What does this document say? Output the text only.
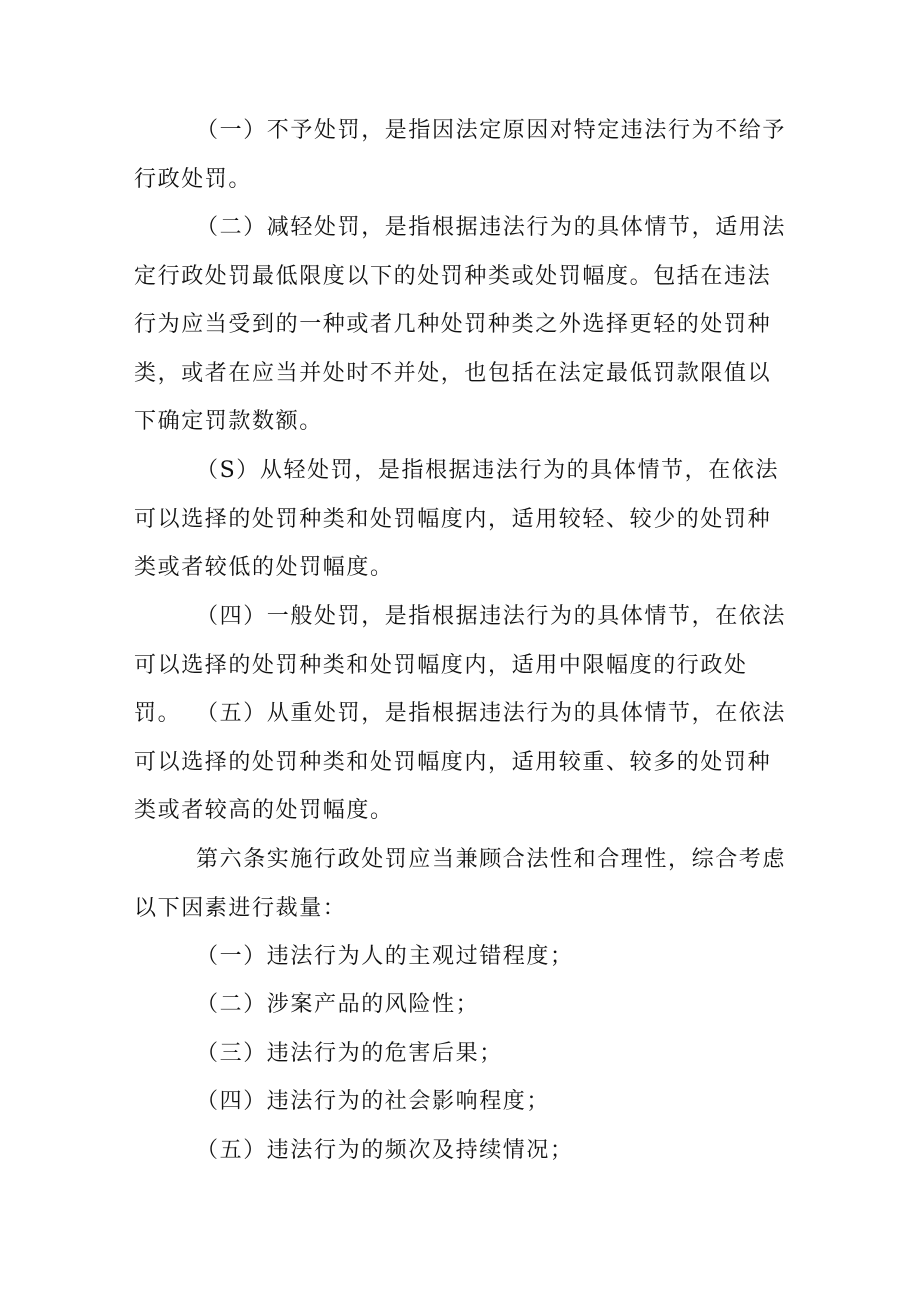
（一）不予处罚，是指因法定原因对特定违法行为不给予行政处罚。

（二）减轻处罚，是指根据违法行为的具体情节，适用法定行政处罚最低限度以下的处罚种类或处罚幅度。包括在违法行为应当受到的一种或者几种处罚种类之外选择更轻的处罚种类，或者在应当并处时不并处，也包括在法定最低罚款限值以下确定罚款数额。

（S）从轻处罚，是指根据违法行为的具体情节，在依法可以选择的处罚种类和处罚幅度内，适用较轻、较少的处罚种类或者较低的处罚幅度。

（四）一般处罚，是指根据违法行为的具体情节，在依法可以选择的处罚种类和处罚幅度内，适用中限幅度的行政处罚。 （五）从重处罚，是指根据违法行为的具体情节，在依法可以选择的处罚种类和处罚幅度内，适用较重、较多的处罚种类或者较高的处罚幅度。

第六条实施行政处罚应当兼顾合法性和合理性，综合考虑以下因素进行裁量：

（一）违法行为人的主观过错程度；

（二）涉案产品的风险性；

（三）违法行为的危害后果；

（四）违法行为的社会影响程度；

（五）违法行为的频次及持续情况；
